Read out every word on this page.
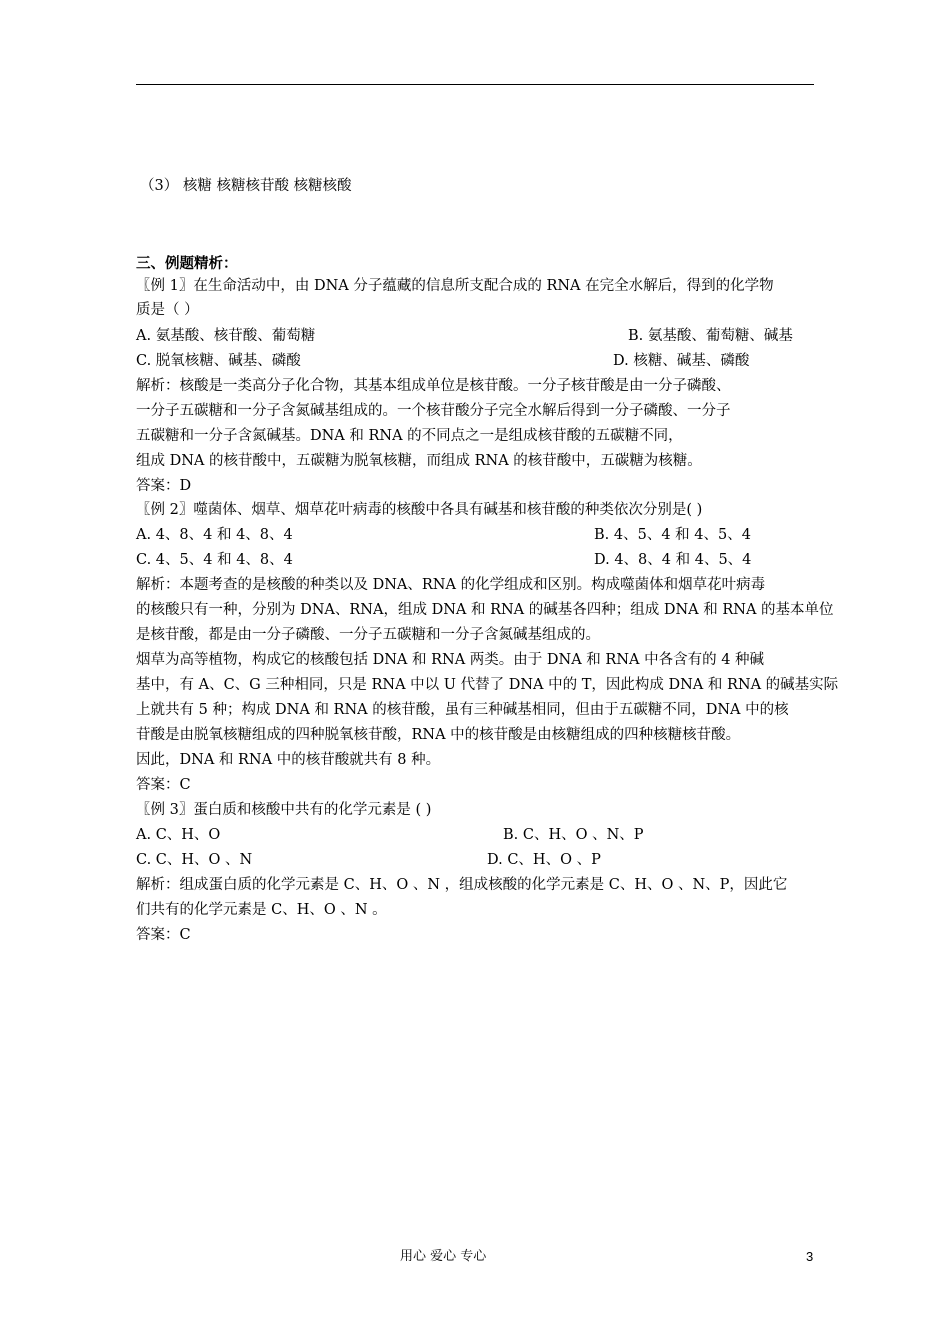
（3） 核糖 核糖核苷酸 核糖核酸
三、例题精析：
〖例 1〗在生命活动中，由 DNA 分子蕴藏的信息所支配合成的 RNA 在完全水解后，得到的化学物
质是（ ）
A. 氨基酸、核苷酸、葡萄糖	B. 氨基酸、葡萄糖、碱基
C. 脱氧核糖、碱基、磷酸	D. 核糖、碱基、磷酸
解析：核酸是一类高分子化合物，其基本组成单位是核苷酸。一分子核苷酸是由一分子磷酸、
一分子五碳糖和一分子含氮碱基组成的。一个核苷酸分子完全水解后得到一分子磷酸、一分子
五碳糖和一分子含氮碱基。DNA 和 RNA 的不同点之一是组成核苷酸的五碳糖不同，
组成 DNA 的核苷酸中，五碳糖为脱氧核糖，而组成 RNA 的核苷酸中，五碳糖为核糖。
答案：D
〖例 2〗噬菌体、烟草、烟草花叶病毒的核酸中各具有碱基和核苷酸的种类依次分别是( )
A. 4、8、4 和 4、8、4	B. 4、5、4 和 4、5、4
C. 4、5、4 和 4、8、4	D. 4、8、4 和 4、5、4
解析：本题考查的是核酸的种类以及 DNA、RNA 的化学组成和区别。构成噬菌体和烟草花叶病毒
的核酸只有一种，分别为 DNA、RNA，组成 DNA 和 RNA 的碱基各四种；组成 DNA 和 RNA 的基本单位
是核苷酸，都是由一分子磷酸、一分子五碳糖和一分子含氮碱基组成的。
烟草为高等植物，构成它的核酸包括 DNA 和 RNA 两类。由于 DNA 和 RNA 中各含有的 4 种碱
基中，有 A、C、G 三种相同，只是 RNA 中以 U 代替了 DNA 中的 T，因此构成 DNA 和 RNA 的碱基实际
上就共有 5 种；构成 DNA 和 RNA 的核苷酸，虽有三种碱基相同，但由于五碳糖不同，DNA 中的核
苷酸是由脱氧核糖组成的四种脱氧核苷酸，RNA 中的核苷酸是由核糖组成的四种核糖核苷酸。
因此，DNA 和 RNA 中的核苷酸就共有 8 种。
答案：C
〖例 3〗蛋白质和核酸中共有的化学元素是 ( )
A. C、H、O	B. C、H、O 、N、P
C. C、H、O 、N	D. C、H、O 、P
解析：组成蛋白质的化学元素是 C、H、O 、N ，组成核酸的化学元素是 C、H、O 、N、P，因此它
们共有的化学元素是 C、H、O 、N 。
答案：C
用心 爱心 专心	3
